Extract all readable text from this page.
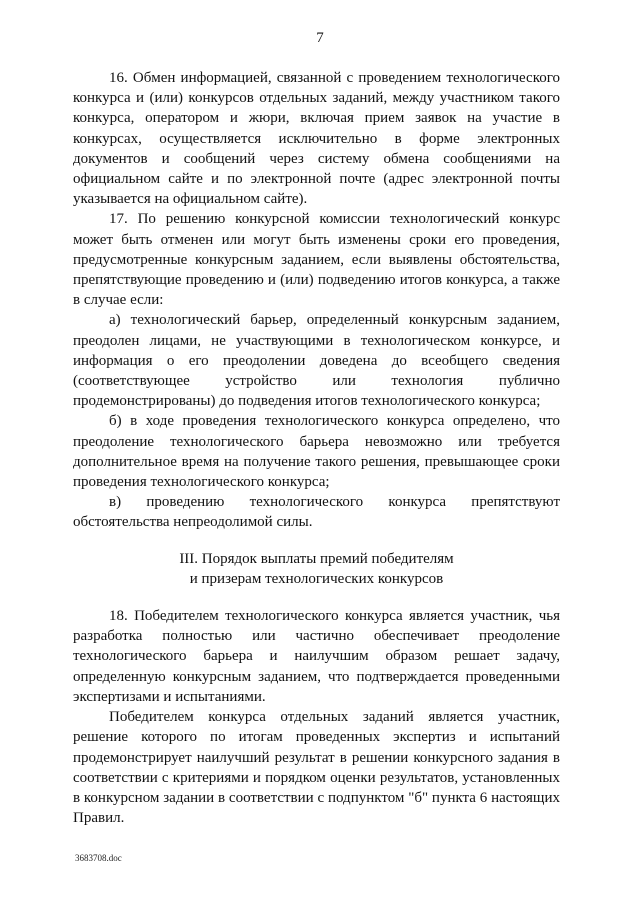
7

16. Обмен информацией, связанной с проведением технологического конкурса и (или) конкурсов отдельных заданий, между участником такого конкурса, оператором и жюри, включая прием заявок на участие в конкурсах, осуществляется исключительно в форме электронных документов и сообщений через систему обмена сообщениями на официальном сайте и по электронной почте (адрес электронной почты указывается на официальном сайте).

17. По решению конкурсной комиссии технологический конкурс может быть отменен или могут быть изменены сроки его проведения, предусмотренные конкурсным заданием, если выявлены обстоятельства, препятствующие проведению и (или) подведению итогов конкурса, а также в случае если:

а) технологический барьер, определенный конкурсным заданием, преодолен лицами, не участвующими в технологическом конкурсе, и информация о его преодолении доведена до всеобщего сведения (соответствующее устройство или технология публично продемонстрированы) до подведения итогов технологического конкурса;

б) в ходе проведения технологического конкурса определено, что преодоление технологического барьера невозможно или требуется дополнительное время на получение такого решения, превышающее сроки проведения технологического конкурса;

в) проведению технологического конкурса препятствуют обстоятельства непреодолимой силы.

III. Порядок выплаты премий победителям
и призерам технологических конкурсов

18. Победителем технологического конкурса является участник, чья разработка полностью или частично обеспечивает преодоление технологического барьера и наилучшим образом решает задачу, определенную конкурсным заданием, что подтверждается проведенными экспертизами и испытаниями.

Победителем конкурса отдельных заданий является участник, решение которого по итогам проведенных экспертиз и испытаний продемонстрирует наилучший результат в решении конкурсного задания в соответствии с критериями и порядком оценки результатов, установленных в конкурсном задании в соответствии с подпунктом "б" пункта 6 настоящих Правил.

3683708.doc
